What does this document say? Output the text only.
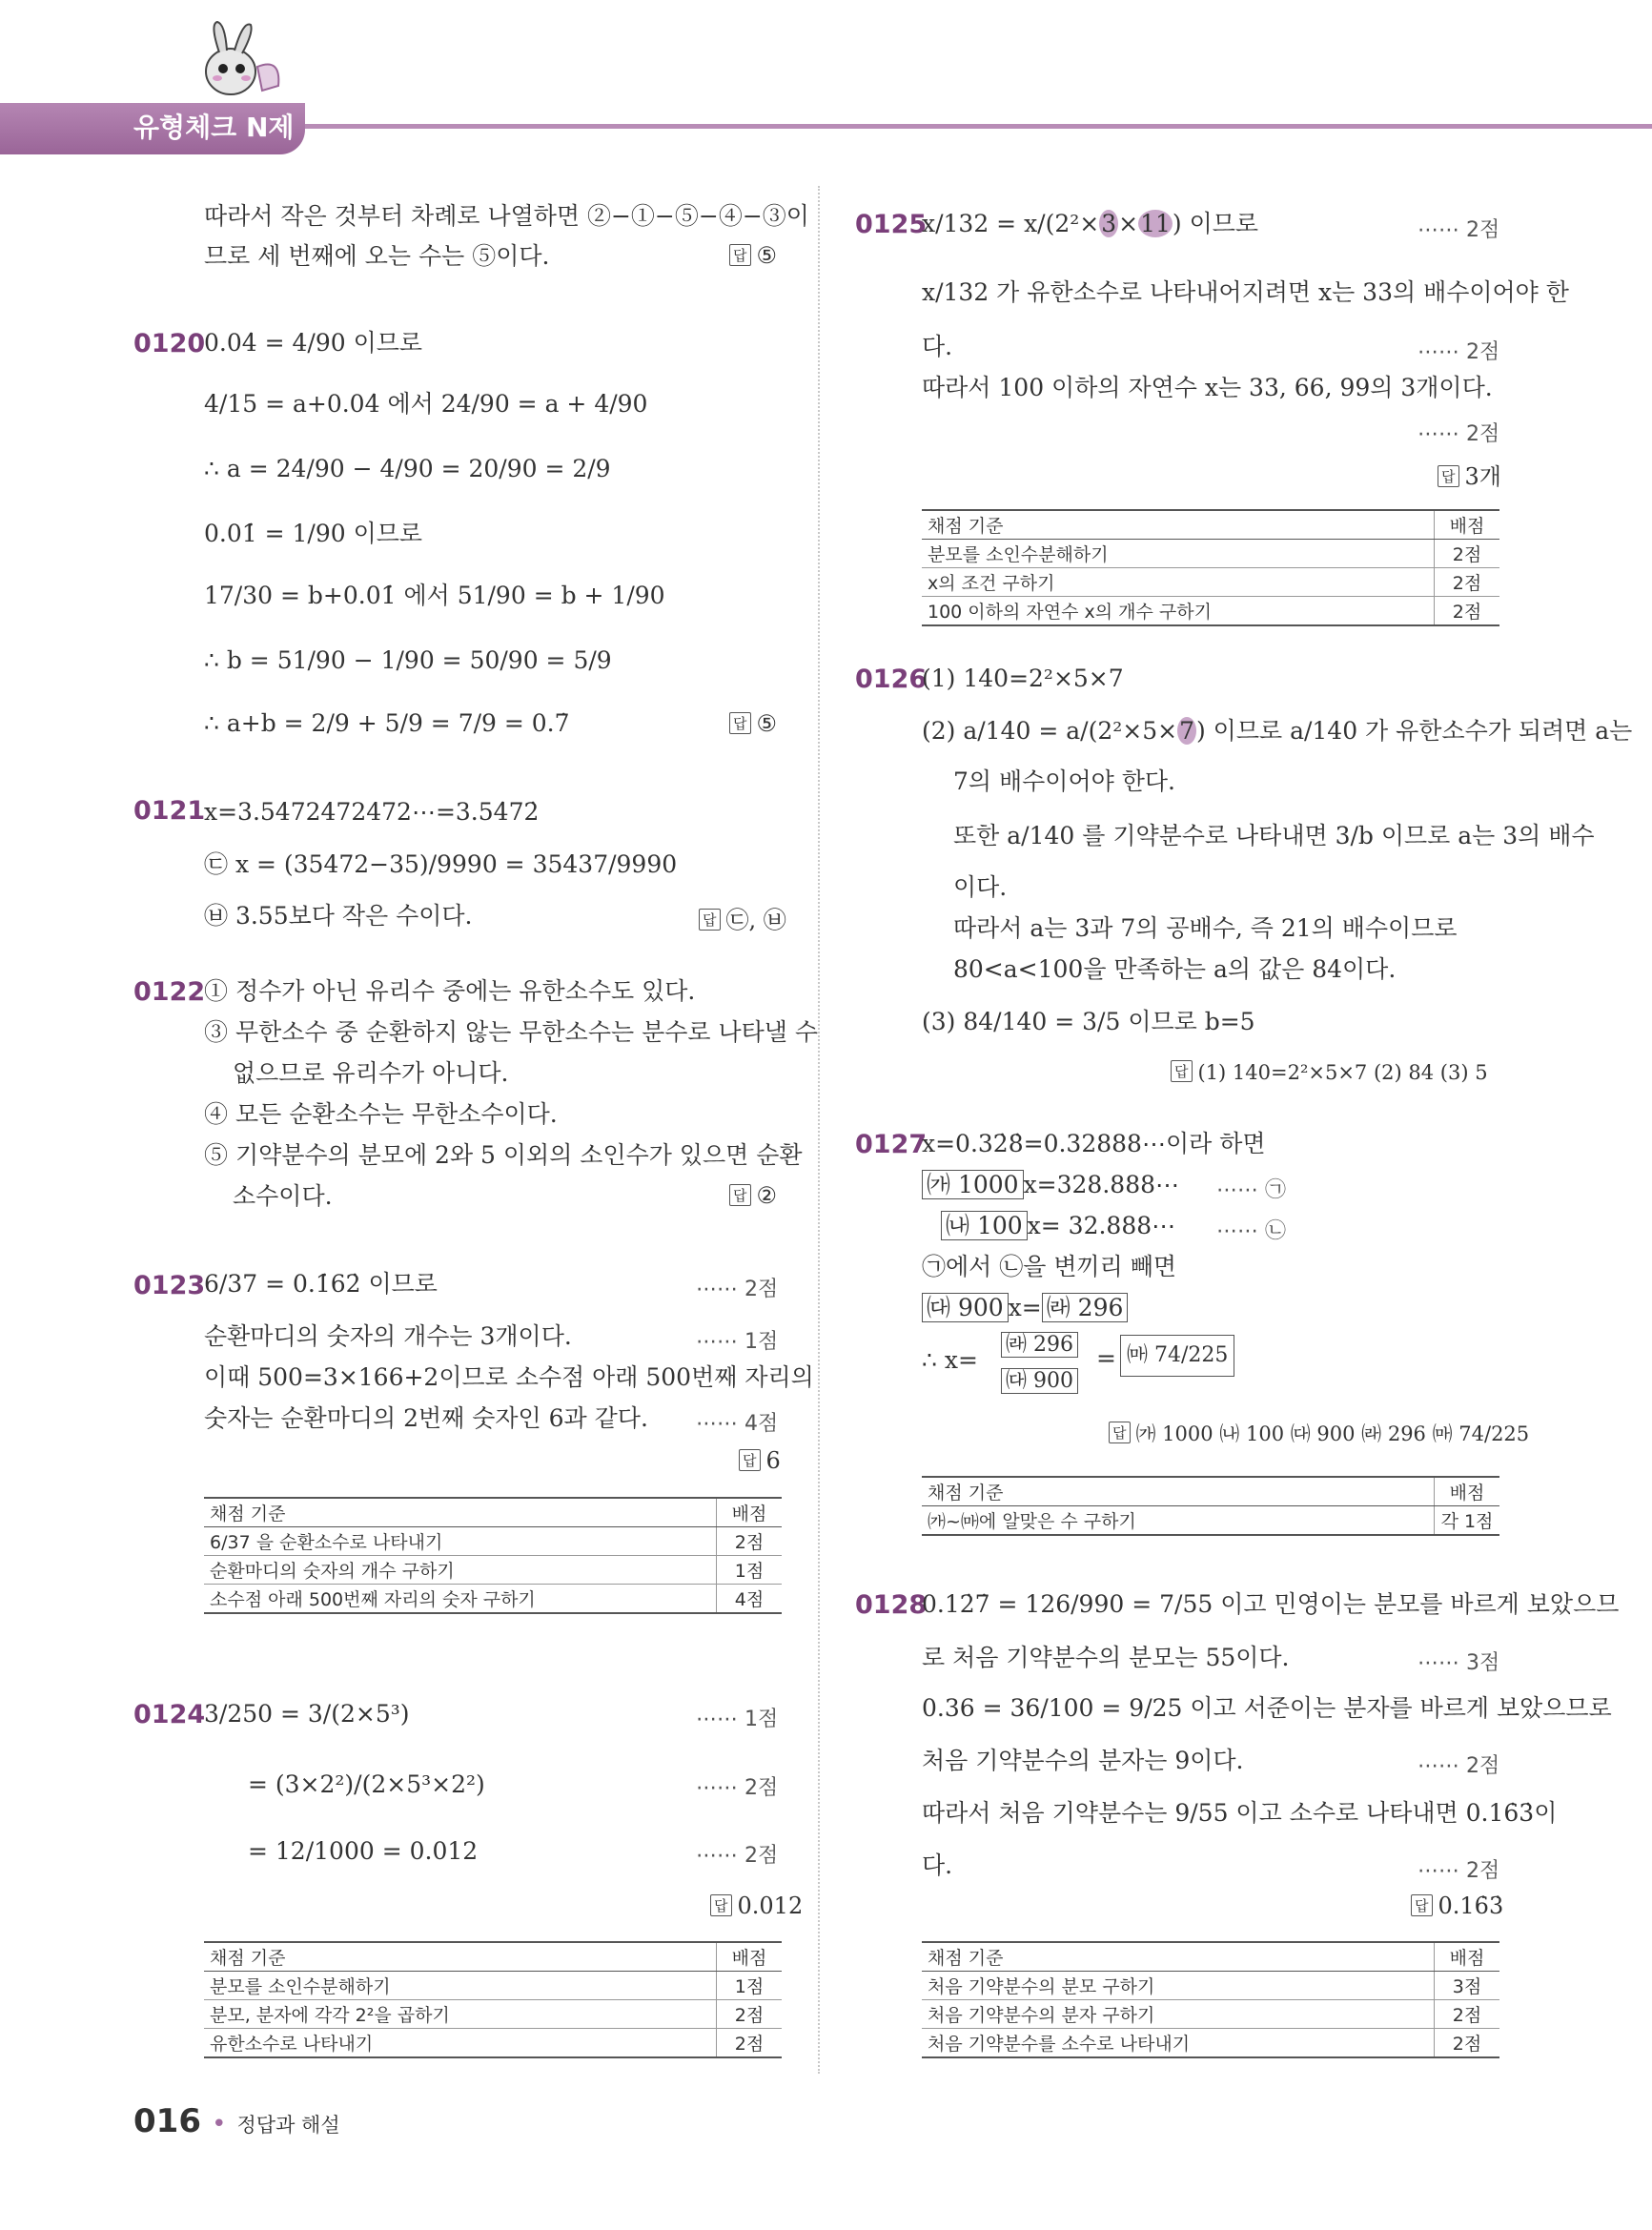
유형체크 N제
따라서 작은 것부터 차례로 나열하면 ②−①−⑤−④−③이
므로 세 번째에 오는 수는 ⑤이다.	답 ⑤
0120
0.04̇ = 4/90 이므로
4/15 = a+0.04̇ 에서 24/90 = a + 4/90
∴ a = 24/90 − 4/90 = 20/90 = 2/9
0.01̇ = 1/90 이므로
17/30 = b+0.01̇ 에서 51/90 = b + 1/90
∴ b = 51/90 − 1/90 = 50/90 = 5/9
∴ a+b = 2/9 + 5/9 = 7/9 = 0.7̇	답 ⑤
0121
x=3.5472472472⋯=3.54̇72̇
㉢ x = (35472−35)/9990 = 35437/9990
㉥ 3.55보다 작은 수이다.	답 ㉢, ㉥
0122
① 정수가 아닌 유리수 중에는 유한소수도 있다.
③ 무한소수 중 순환하지 않는 무한소수는 분수로 나타낼 수
없으므로 유리수가 아니다.
④ 모든 순환소수는 무한소수이다.
⑤ 기약분수의 분모에 2와 5 이외의 소인수가 있으면 순환
소수이다.	답 ②
0123
6/37 = 0.1̇62̇ 이므로	⋯⋯ 2점
순환마디의 숫자의 개수는 3개이다.	⋯⋯ 1점
이때 500=3×166+2이므로 소수점 아래 500번째 자리의
숫자는 순환마디의 2번째 숫자인 6과 같다. ⋯⋯ 4점
답 6
채점 기준	배점
6/37 을 순환소수로 나타내기	2점
순환마디의 숫자의 개수 구하기	1점
소수점 아래 500번째 자리의 숫자 구하기	4점
0124
3/250 = 3/(2×5³)	⋯⋯ 1점
= (3×2²)/(2×5³×2²)	⋯⋯ 2점
= 12/1000 = 0.012	⋯⋯ 2점
답 0.012
채점 기준	배점
분모를 소인수분해하기	1점
분모, 분자에 각각 2²을 곱하기	2점
유한소수로 나타내기	2점
0125
x/132 = x/(2²×3×11) 이므로	⋯⋯ 2점
x/132 가 유한소수로 나타내어지려면 x는 33의 배수이어야 한
다.	⋯⋯ 2점
따라서 100 이하의 자연수 x는 33, 66, 99의 3개이다.
⋯⋯ 2점
답 3개
채점 기준	배점
분모를 소인수분해하기	2점
x의 조건 구하기	2점
100 이하의 자연수 x의 개수 구하기	2점
0126
(1) 140=2²×5×7
(2) a/140 = a/(2²×5×7) 이므로 a/140 가 유한소수가 되려면 a는
7의 배수이어야 한다.
또한 a/140 를 기약분수로 나타내면 3/b 이므로 a는 3의 배수
이다.
따라서 a는 3과 7의 공배수, 즉 21의 배수이므로
80<a<100을 만족하는 a의 값은 84이다.
(3) 84/140 = 3/5 이므로 b=5
답 (1) 140=2²×5×7 (2) 84 (3) 5
0127
x=0.32̇8̇=0.32888⋯이라 하면
㈎ 1000 x=328.888⋯ ⋯⋯ ㉠
㈏ 100 x= 32.888⋯ ⋯⋯ ㉡
㉠에서 ㉡을 변끼리 빼면
㈐ 900 x= ㈑ 296
∴ x=
㈑ 296
㈐ 900
= ㈒ 74/225
답 ㈎ 1000 ㈏ 100 ㈐ 900 ㈑ 296 ㈒ 74/225
채점 기준	배점
㈎~㈒에 알맞은 수 구하기	각 1점
0128
0.12̇7̇ = 126/990 = 7/55 이고 민영이는 분모를 바르게 보았으므
로 처음 기약분수의 분모는 55이다.	⋯⋯ 3점
0.36 = 36/100 = 9/25 이고 서준이는 분자를 바르게 보았으므로
처음 기약분수의 분자는 9이다.	⋯⋯ 2점
따라서 처음 기약분수는 9/55 이고 소수로 나타내면 0.16̇3̇이
다.	⋯⋯ 2점
답 0.16̇3̇
채점 기준	배점
처음 기약분수의 분모 구하기	3점
처음 기약분수의 분자 구하기	2점
처음 기약분수를 소수로 나타내기	2점
016 • 정답과 해설
